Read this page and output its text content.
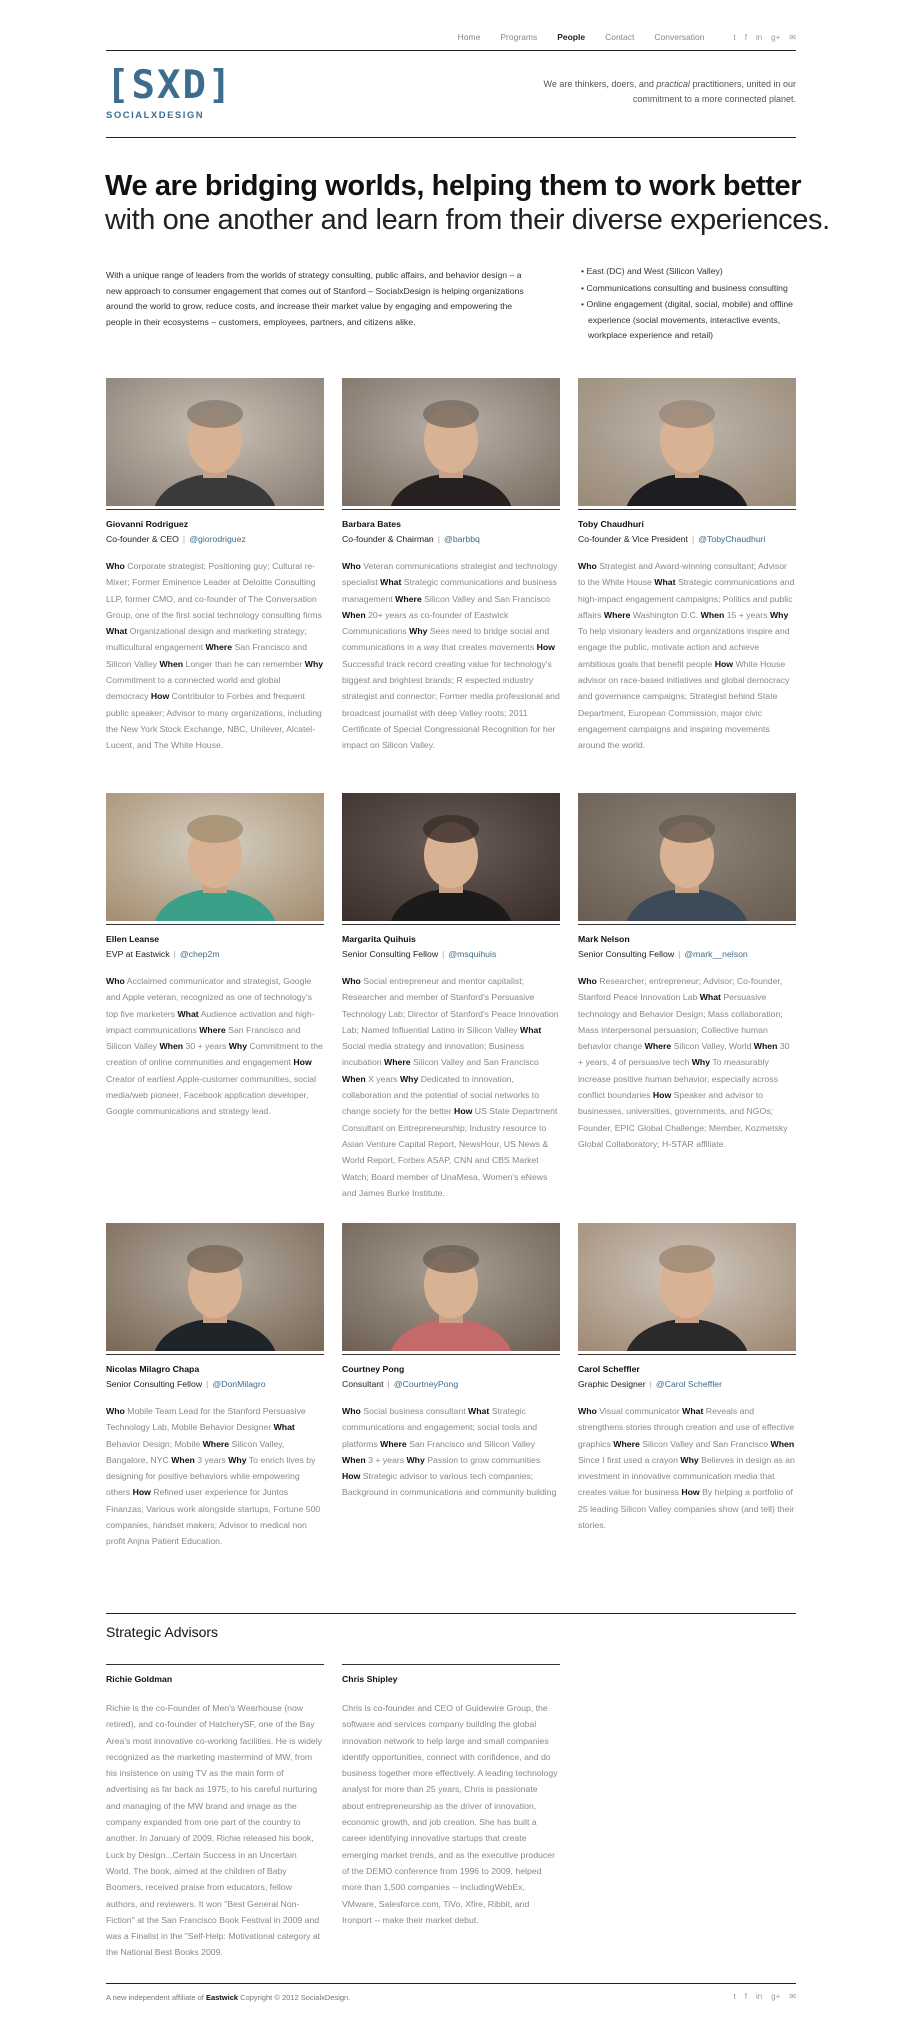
Home Programs People Contact Conversation	t f in g+ ✉
[SXD]
SOCIALXDESIGN
We are thinkers, doers, and practical practitioners, united in our commitment to a more connected planet.
We are bridging worlds, helping them to work better
with one another and learn from their diverse experiences.

With a unique range of leaders from the worlds of strategy consulting, public affairs, and behavior design – a new approach to consumer engagement that comes out of Stanford – SocialxDesign is helping organizations around the world to grow, reduce costs, and increase their market value by engaging and empowering the people in their ecosystems – customers, employees, partners, and citizens alike.

• East (DC) and West (Silicon Valley)
• Communications consulting and business consulting
• Online engagement (digital, social, mobile) and offline experience (social movements, interactive events, workplace experience and retail)
Giovanni Rodriguez
Co-founder & CEO | @giorodriguez
Who Corporate strategist; Positioning guy; Cultural re-Mixer; Former Eminence Leader at Deloitte Consulting LLP, former CMO, and co-founder of The Conversation Group, one of the first social technology consulting firms What Organizational design and marketing strategy; multicultural engagement Where San Francisco and Silicon Valley When Longer than he can remember Why Commitment to a connected world and global democracy How Contributor to Forbes and frequent public speaker; Advisor to many organizations, including the New York Stock Exchange, NBC, Unilever, Alcatel-Lucent, and The White House.
Barbara Bates
Co-founder & Chairman | @barbbq
Who Veteran communications strategist and technology specialist What Strategic communications and business management Where Silicon Valley and San Francisco When 20+ years as co-founder of Eastwick Communications Why Sees need to bridge social and communications in a way that creates movements How Successful track record creating value for technology's biggest and brightest brands; R espected industry strategist and connector; Former media professional and broadcast journalist with deep Valley roots; 2011 Certificate of Special Congressional Recognition for her impact on Silicon Valley.
Toby Chaudhuri
Co-founder & Vice President | @TobyChaudhuri
Who Strategist and Award-winning consultant; Advisor to the White House What Strategic communications and high-impact engagement campaigns; Politics and public affairs Where Washington D.C. When 15 + years Why To help visionary leaders and organizations inspire and engage the public, motivate action and achieve ambitious goals that benefit people How White House advisor on race-based initiatives and global democracy and governance campaigns; Strategist behind State Department, European Commission, major civic engagement campaigns and inspiring movements around the world.
Ellen Leanse
EVP at Eastwick | @chep2m
Who Acclaimed communicator and strategist, Google and Apple veteran, recognized as one of technology's top five marketers What Audience activation and high-impact communications Where San Francisco and Silicon Valley When 30 + years Why Commitment to the creation of online communities and engagement How Creator of earliest Apple-customer communities, social media/web pioneer, Facebook application developer, Google communications and strategy lead.
Margarita Quihuis
Senior Consulting Fellow | @msquihuis
Who Social entrepreneur and mentor capitalist; Researcher and member of Stanford's Persuasive Technology Lab; Director of Stanford's Peace Innovation Lab; Named Influential Latino in Silicon Valley What Social media strategy and innovation; Business incubation Where Silicon Valley and San Francisco When X years Why Dedicated to innovation, collaboration and the potential of social networks to change society for the better How US State Department Consultant on Entrepreneurship; Industry resource to Asian Venture Capital Report, NewsHour, US News & World Report, Forbes ASAP, CNN and CBS Market Watch; Board member of UnaMesa, Women's eNews and James Burke Institute.
Mark Nelson
Senior Consulting Fellow | @mark__nelson
Who Researcher; entrepreneur; Advisor; Co-founder, Stanford Peace Innovation Lab What Persuasive technology and Behavior Design; Mass collaboration; Mass interpersonal persuasion; Collective human behavior change Where Silicon Valley, World When 30 + years, 4 of persuasive tech Why To measurably increase positive human behavior, especially across conflict boundaries How Speaker and advisor to businesses, universities, governments, and NGOs; Founder, EPIC Global Challenge; Member, Kozmetsky Global Collaboratory; H-STAR affiliate.
Nicolas Milagro Chapa
Senior Consulting Fellow | @DonMilagro
Who Mobile Team Lead for the Stanford Persuasive Technology Lab, Mobile Behavior Designer What Behavior Design; Mobile Where Silicon Valley, Bangalore, NYC When 3 years Why To enrich lives by designing for positive behaviors while empowering others How Refined user experience for Juntos Finanzas; Various work alongside startups, Fortune 500 companies, handset makers; Advisor to medical non profit Anjna Patient Education.
Courtney Pong
Consultant | @CourtneyPong
Who Social business consultant What Strategic communications and engagement; social tools and platforms Where San Francisco and Silicon Valley When 3 + years Why Passion to grow communities How Strategic advisor to various tech companies; Background in communications and community building
Carol Scheffler
Graphic Designer | @Carol Scheffler
Who Visual communicator What Reveals and strengthens stories through creation and use of effective graphics Where Silicon Valley and San Francisco When Since I first used a crayon Why Believes in design as an investment in innovative communication media that creates value for business How By helping a portfolio of 25 leading Silicon Valley companies show (and tell) their stories.
Strategic Advisors
Richie Goldman
Richie is the co-Founder of Men's Wearhouse (now retired), and co-founder of HatcherySF, one of the Bay Area's most innovative co-working facilities. He is widely recognized as the marketing mastermind of MW, from his insistence on using TV as the main form of advertising as far back as 1975, to his careful nurturing and managing of the MW brand and image as the company expanded from one part of the country to another. In January of 2009, Richie released his book, Luck by Design...Certain Success in an Uncertain World. The book, aimed at the children of Baby Boomers, received praise from educators, fellow authors, and reviewers. It won "Best General Non-Fiction" at the San Francisco Book Festival in 2009 and was a Finalist in the "Self-Help: Motivational category at the National Best Books 2009.
Chris Shipley
Chris is co-founder and CEO of Guidewire Group, the software and services company building the global innovation network to help large and small companies identify opportunities, connect with confidence, and do business together more effectively. A leading technology analyst for more than 25 years, Chris is passionate about entrepreneurship as the driver of innovation, economic growth, and job creation. She has built a career identifying innovative startups that create emerging market trends, and as the executive producer of the DEMO conference from 1996 to 2009, helped more than 1,500 companies -- includingWebEx, VMware, Salesforce.com, TiVo, Xfire, Ribbit, and Ironport -- make their market debut.
A new independent affiliate of Eastwick Copyright © 2012 SocialxDesign.	t f in g+ ✉
